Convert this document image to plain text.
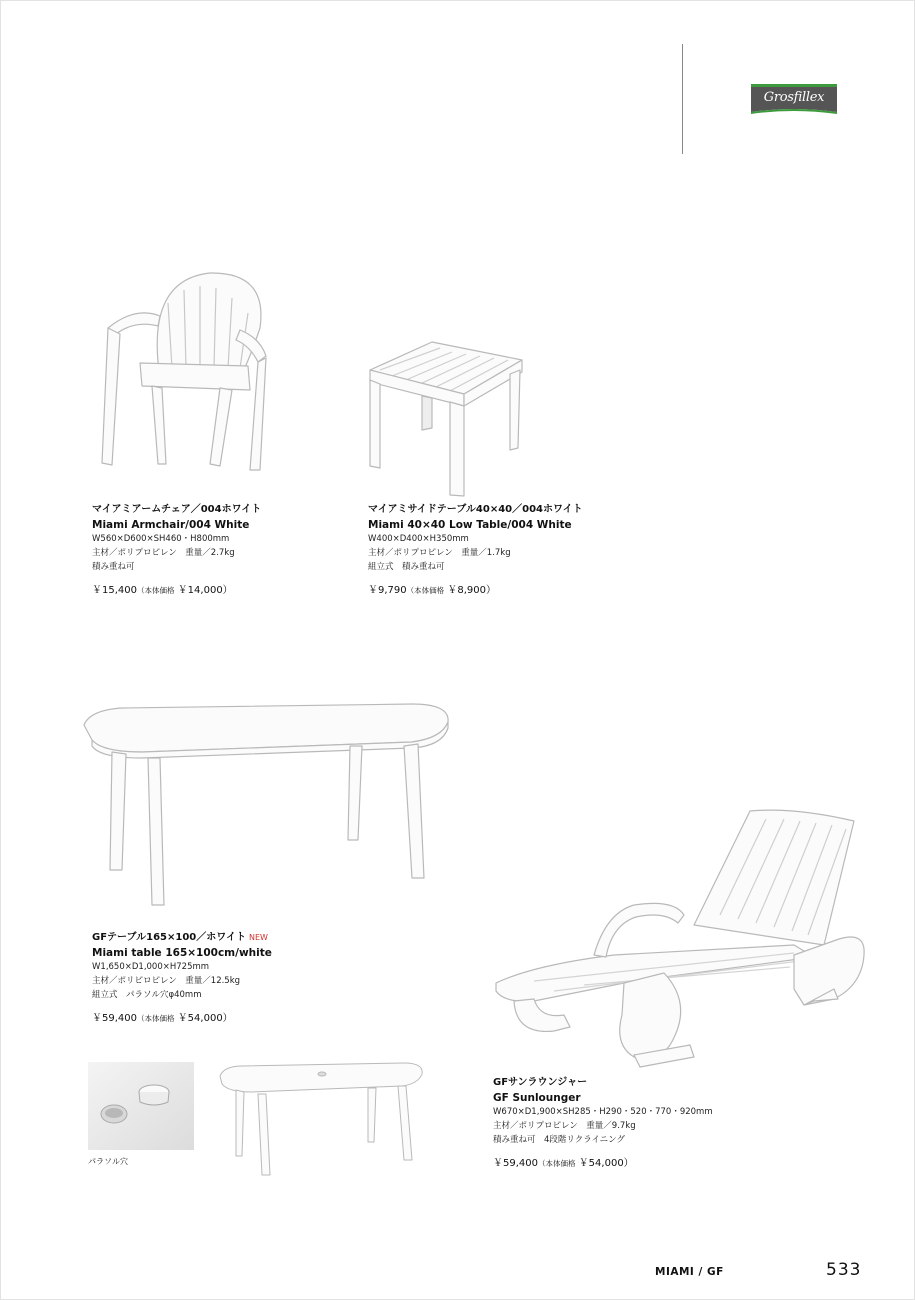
Grosfillex
マイアミアームチェア／004ホワイト
Miami Armchair/004 White
W560×D600×SH460・H800mm
主材／ポリプロピレン　重量／2.7kg
積み重ね可
￥15,400（本体価格 ￥14,000）
マイアミサイドテーブル40×40／004ホワイト
Miami 40×40 Low Table/004 White
W400×D400×H350mm
主材／ポリプロピレン　重量／1.7kg
組立式　積み重ね可
￥9,790（本体価格 ￥8,900）
GFテーブル165×100／ホワイト NEW
Miami table 165×100cm/white
W1,650×D1,000×H725mm
主材／ポリピロピレン　重量／12.5kg
組立式　パラソル穴φ40mm
￥59,400（本体価格 ￥54,000）
パラソル穴
GFサンラウンジャー
GF Sunlounger
W670×D1,900×SH285・H290・520・770・920mm
主材／ポリプロピレン　重量／9.7kg
積み重ね可　4段階リクライニング
￥59,400（本体価格 ￥54,000）
MIAMI / GF	533
